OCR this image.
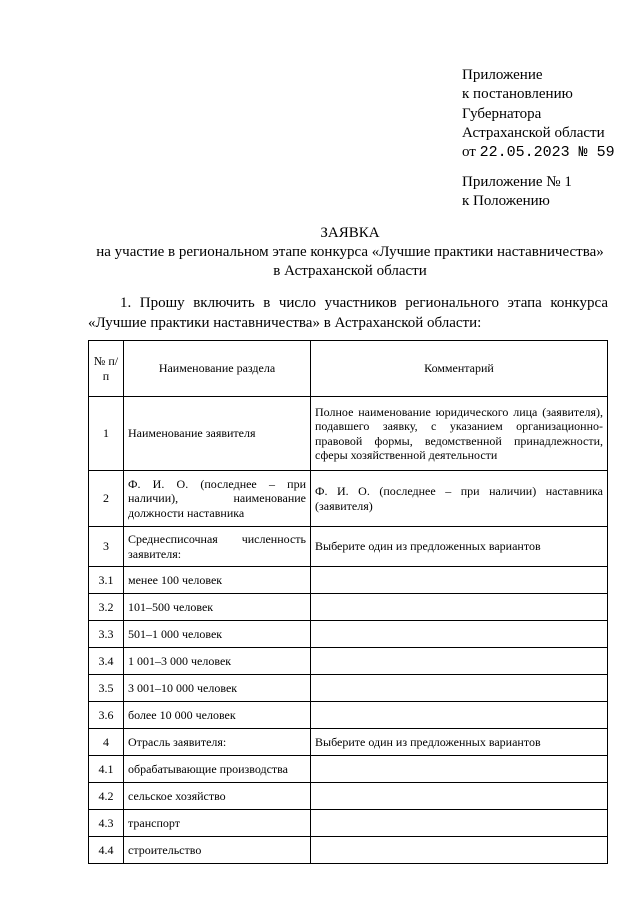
Приложение
к постановлению
Губернатора
Астраханской области
от 22.05.2023 № 59
Приложение № 1
к Положению
ЗАЯВКА
на участие в региональном этапе конкурса «Лучшие практики наставничества»
в Астраханской области
1. Прошу включить в число участников регионального этапа конкурса
«Лучшие практики наставничества» в Астраханской области:
№ п/п	Наименование раздела	Комментарий
1	Наименование заявителя	Полное наименование юридического лица (заявителя), подавшего заявку, с указанием организационно-правовой формы, ведомственной принадлежности, сферы хозяйственной деятельности
2	Ф. И. О. (последнее – при наличии), наименование должности наставника	Ф. И. О. (последнее – при наличии) наставника (заявителя)
3	Среднесписочная численность заявителя:	Выберите один из предложенных вариантов
3.1	менее 100 человек	
3.2	101–500 человек	
3.3	501–1 000 человек	
3.4	1 001–3 000 человек	
3.5	3 001–10 000 человек	
3.6	более 10 000 человек	
4	Отрасль заявителя:	Выберите один из предложенных вариантов
4.1	обрабатывающие производства	
4.2	сельское хозяйство	
4.3	транспорт	
4.4	строительство	
